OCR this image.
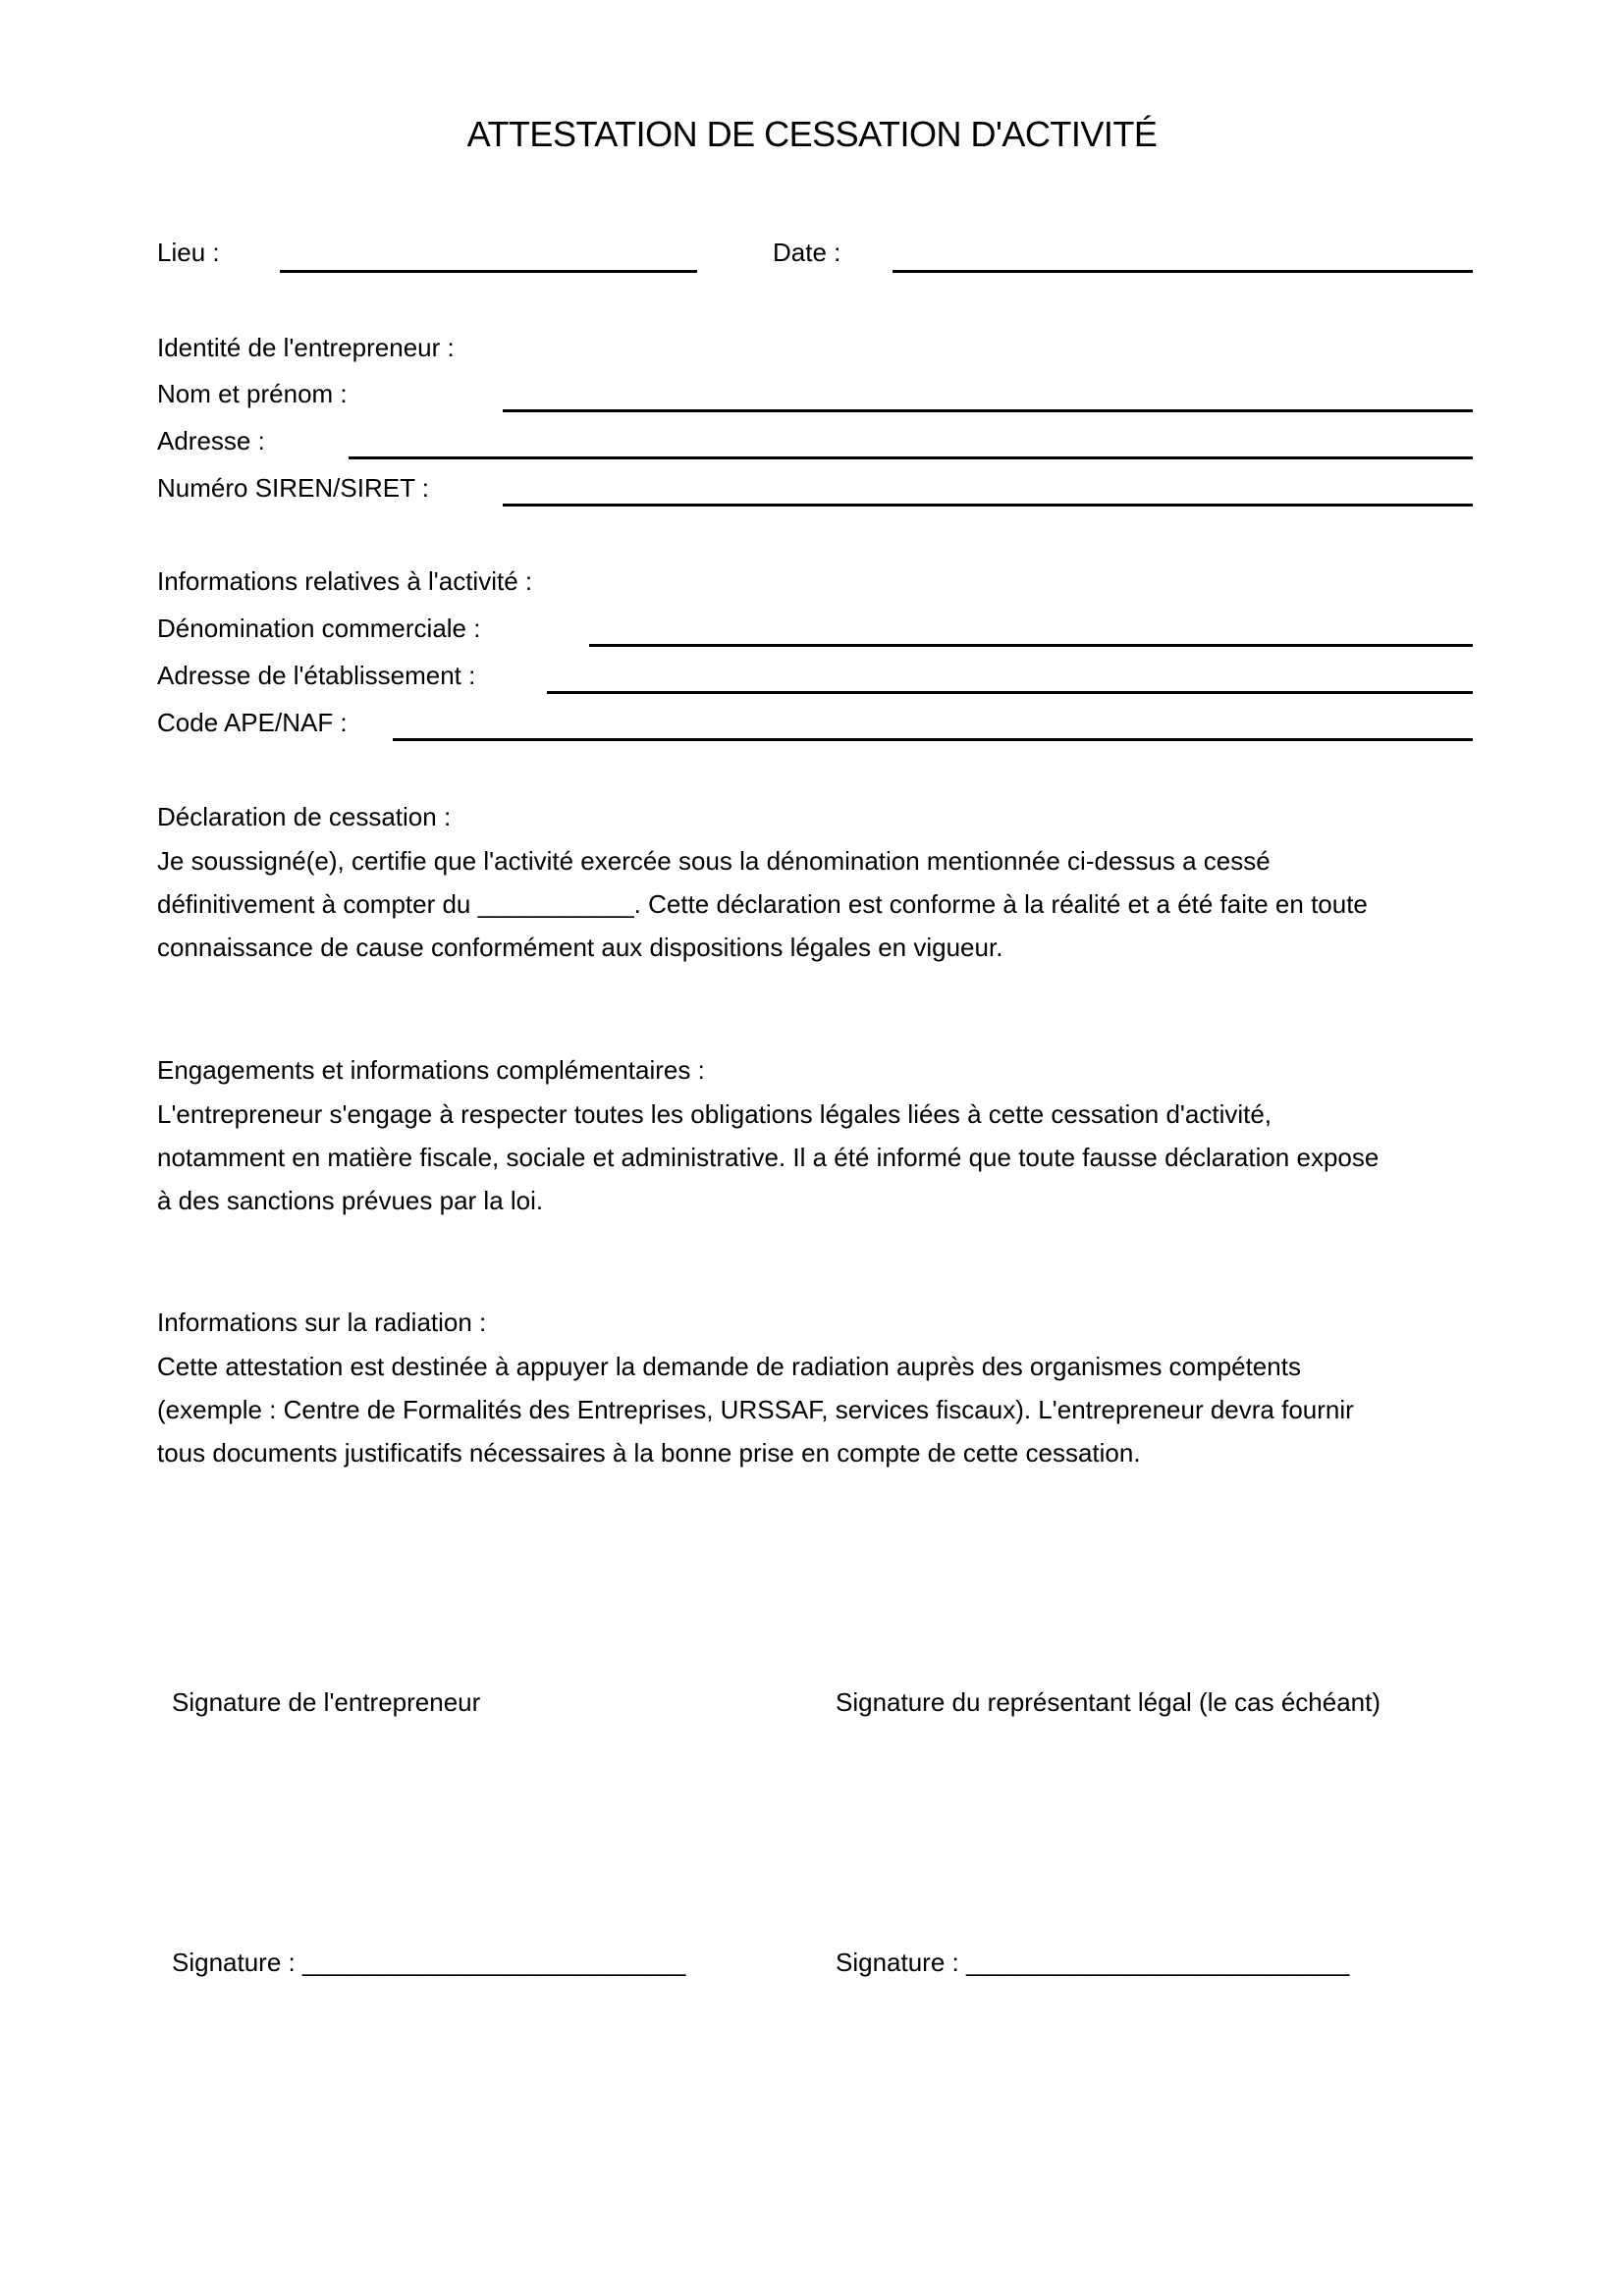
ATTESTATION DE CESSATION D'ACTIVITÉ
Lieu :	Date :
Identité de l'entrepreneur :
Nom et prénom :
Adresse :
Numéro SIREN/SIRET :
Informations relatives à l'activité :
Dénomination commerciale :
Adresse de l'établissement :
Code APE/NAF :
Déclaration de cessation :
Je soussigné(e), certifie que l'activité exercée sous la dénomination mentionnée ci-dessus a cessé
définitivement à compter du ___________. Cette déclaration est conforme à la réalité et a été faite en toute
connaissance de cause conformément aux dispositions légales en vigueur.
Engagements et informations complémentaires :
L'entrepreneur s'engage à respecter toutes les obligations légales liées à cette cessation d'activité,
notamment en matière fiscale, sociale et administrative. Il a été informé que toute fausse déclaration expose
à des sanctions prévues par la loi.
Informations sur la radiation :
Cette attestation est destinée à appuyer la demande de radiation auprès des organismes compétents
(exemple : Centre de Formalités des Entreprises, URSSAF, services fiscaux). L'entrepreneur devra fournir
tous documents justificatifs nécessaires à la bonne prise en compte de cette cessation.
Signature de l'entrepreneur	Signature du représentant légal (le cas échéant)
Signature : ___________________________	Signature : ___________________________
